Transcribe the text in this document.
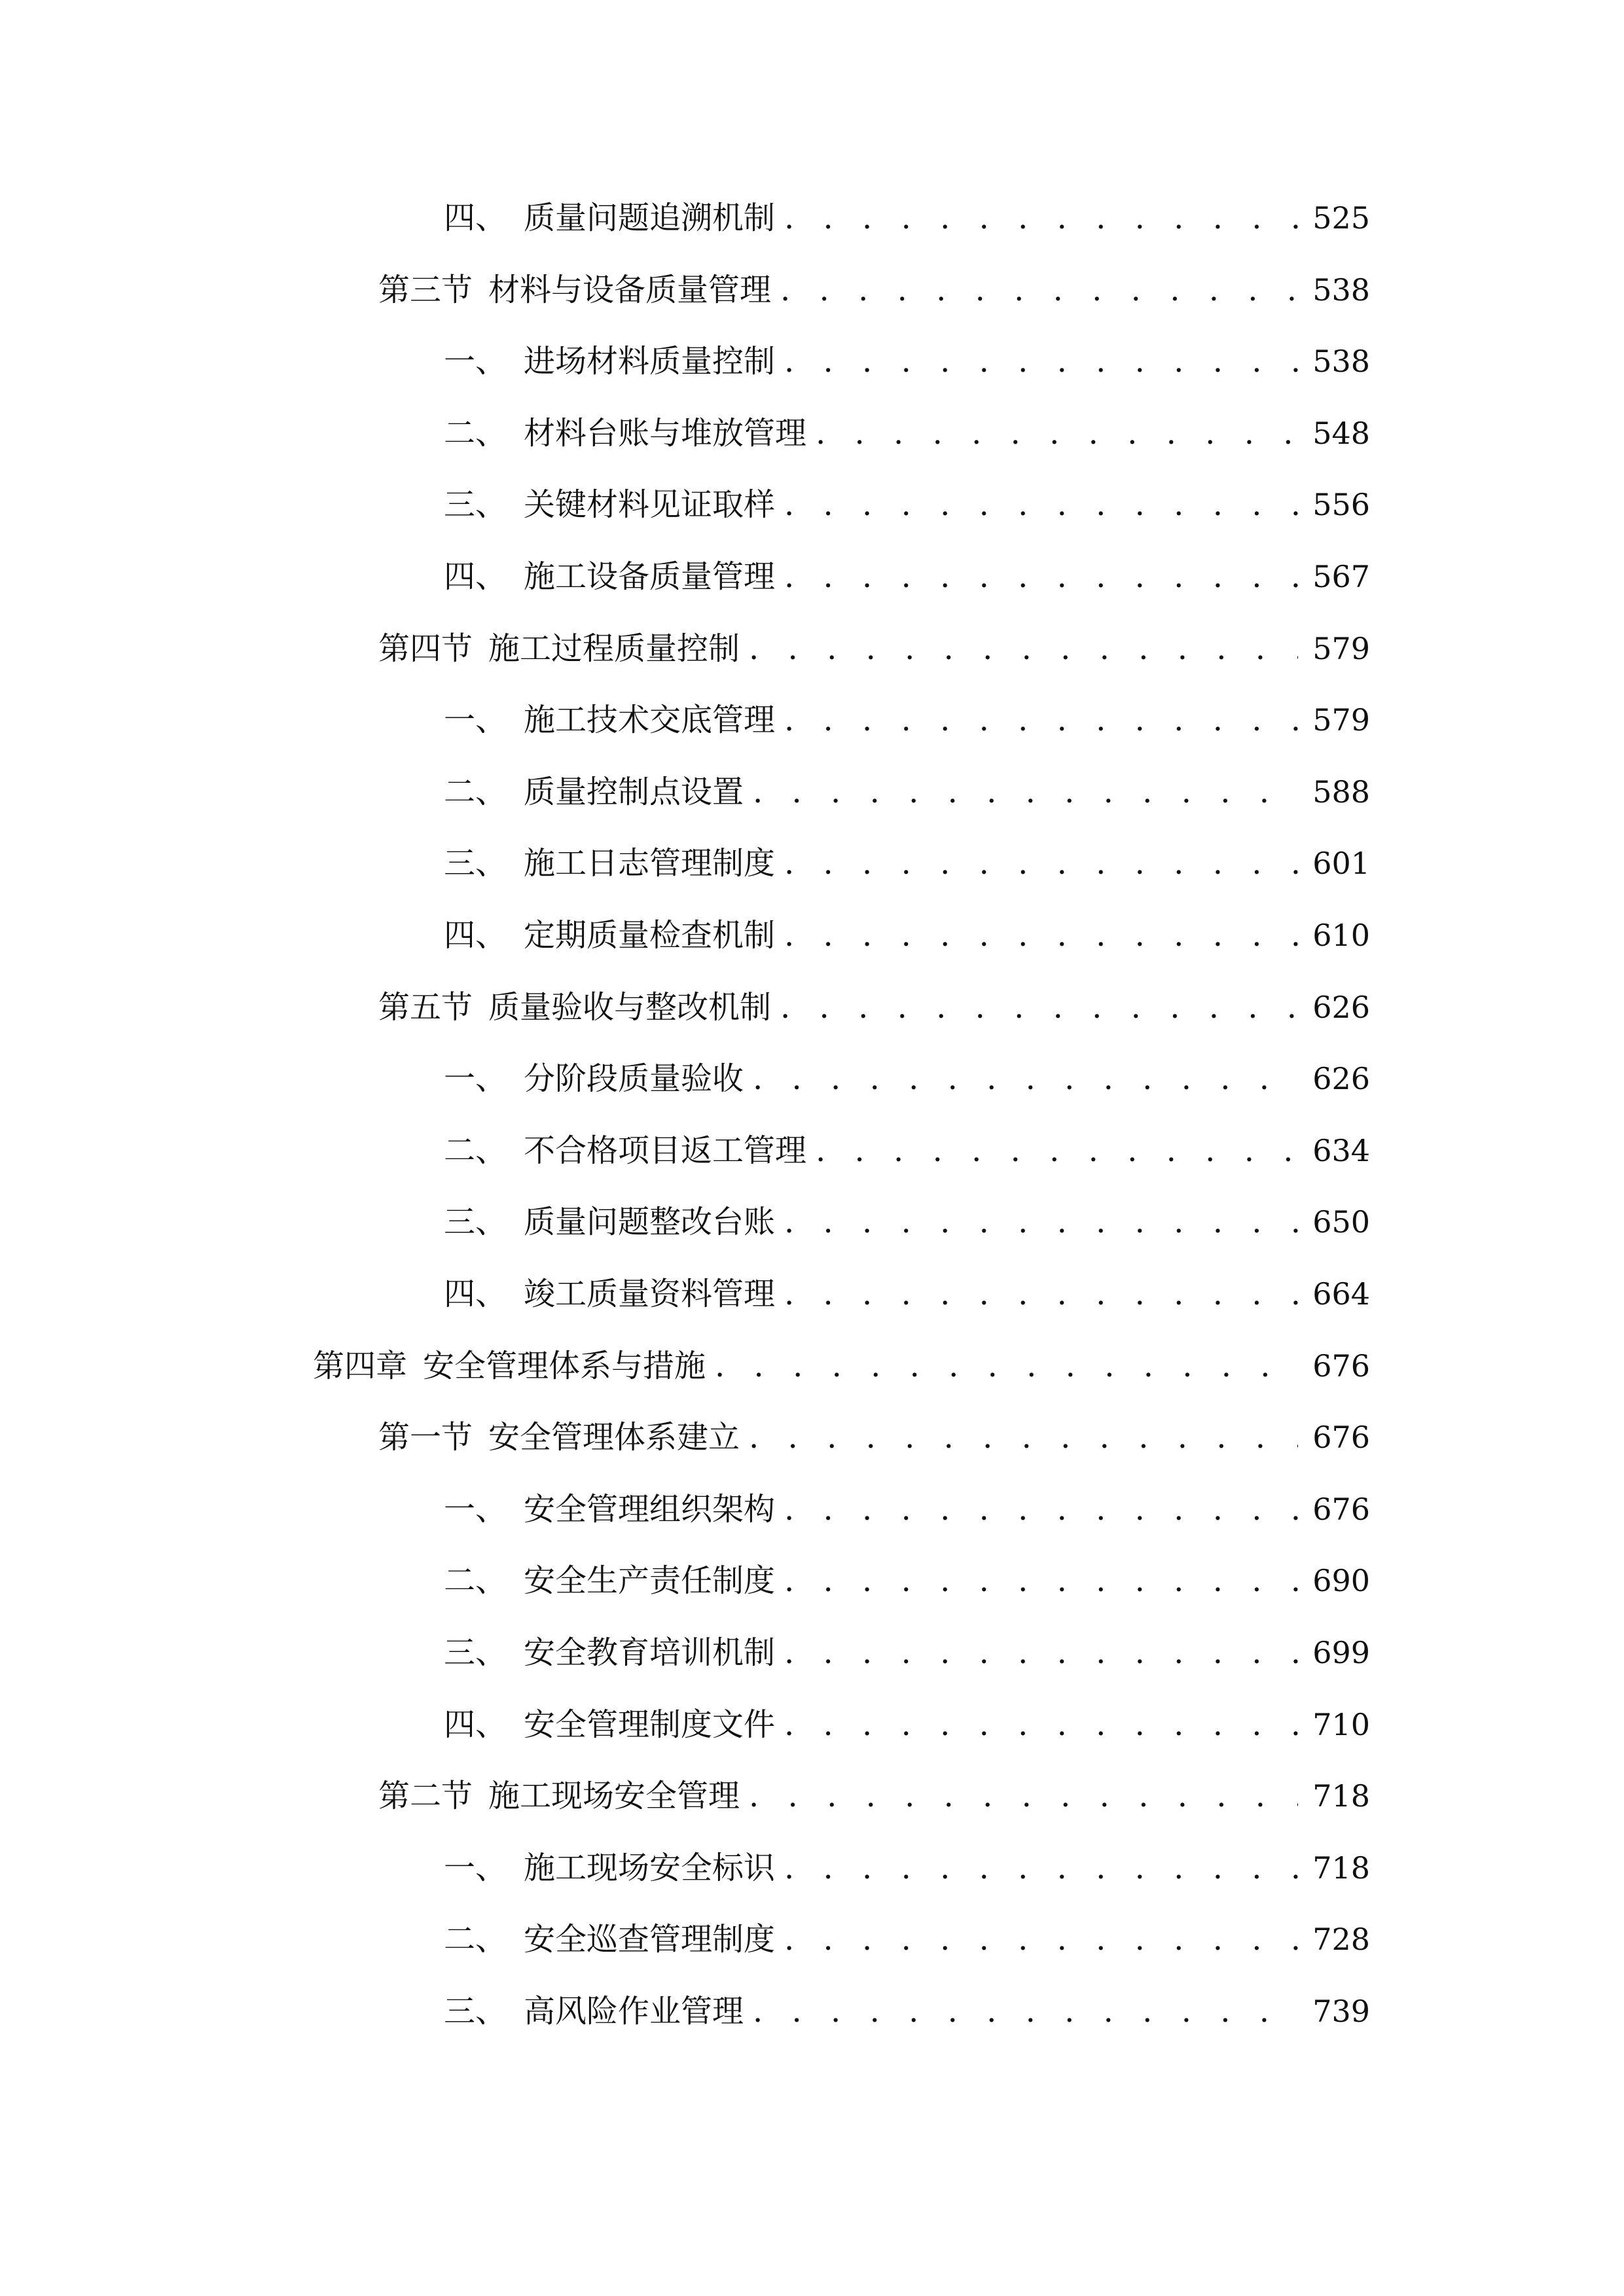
四、 质量问题追溯机制 . . .	525
第三节 材料与设备质量管理 . . .	538
一、 进场材料质量控制 . . .	538
二、 材料台账与堆放管理 . . .	548
三、 关键材料见证取样 . . .	556
四、 施工设备质量管理 . . .	567
第四节 施工过程质量控制 . . .	579
一、 施工技术交底管理 . . .	579
二、 质量控制点设置 . . .	588
三、 施工日志管理制度 . . .	601
四、 定期质量检查机制 . . .	610
第五节 质量验收与整改机制 . . .	626
一、 分阶段质量验收 . . .	626
二、 不合格项目返工管理 . . .	634
三、 质量问题整改台账 . . .	650
四、 竣工质量资料管理 . . .	664
第四章 安全管理体系与措施 . . .	676
第一节 安全管理体系建立 . . .	676
一、 安全管理组织架构 . . .	676
二、 安全生产责任制度 . . .	690
三、 安全教育培训机制 . . .	699
四、 安全管理制度文件 . . .	710
第二节 施工现场安全管理 . . .	718
一、 施工现场安全标识 . . .	718
二、 安全巡查管理制度 . . .	728
三、 高风险作业管理 . . .	739
